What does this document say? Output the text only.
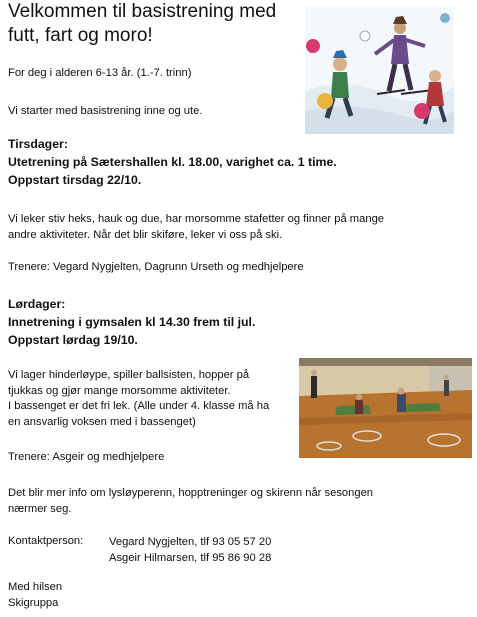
Velkommen til basistrening med
futt, fart og moro!
For deg i alderen 6-13 år. (1.-7. trinn)
Vi starter med basistrening inne og ute.
Tirsdager:
Utetrening på Sætershallen kl. 18.00, varighet ca. 1 time.
Oppstart tirsdag 22/10.
Vi leker stiv heks, hauk og due, har morsomme stafetter og finner på mange
andre aktiviteter. Når det blir skiføre, leker vi oss på ski.
Trenere: Vegard Nygjelten, Dagrunn Urseth og medhjelpere
Lørdager:
Innetrening i gymsalen kl 14.30 frem til jul.
Oppstart lørdag 19/10.
Vi lager hinderløype, spiller ballsisten, hopper på
tjukkas og gjør mange morsomme aktiviteter.
I bassenget er det fri lek. (Alle under 4. klasse må ha
en ansvarlig voksen med i bassenget)
Trenere: Asgeir og medhjelpere
Det blir mer info om lysløyperenn, hopptreninger og skirenn når sesongen
nærmer seg.
Kontaktperson: Vegard Nygjelten, tlf 93 05 57 20
Asgeir Hilmarsen, tlf 95 86 90 28
Med hilsen
Skigruppa
